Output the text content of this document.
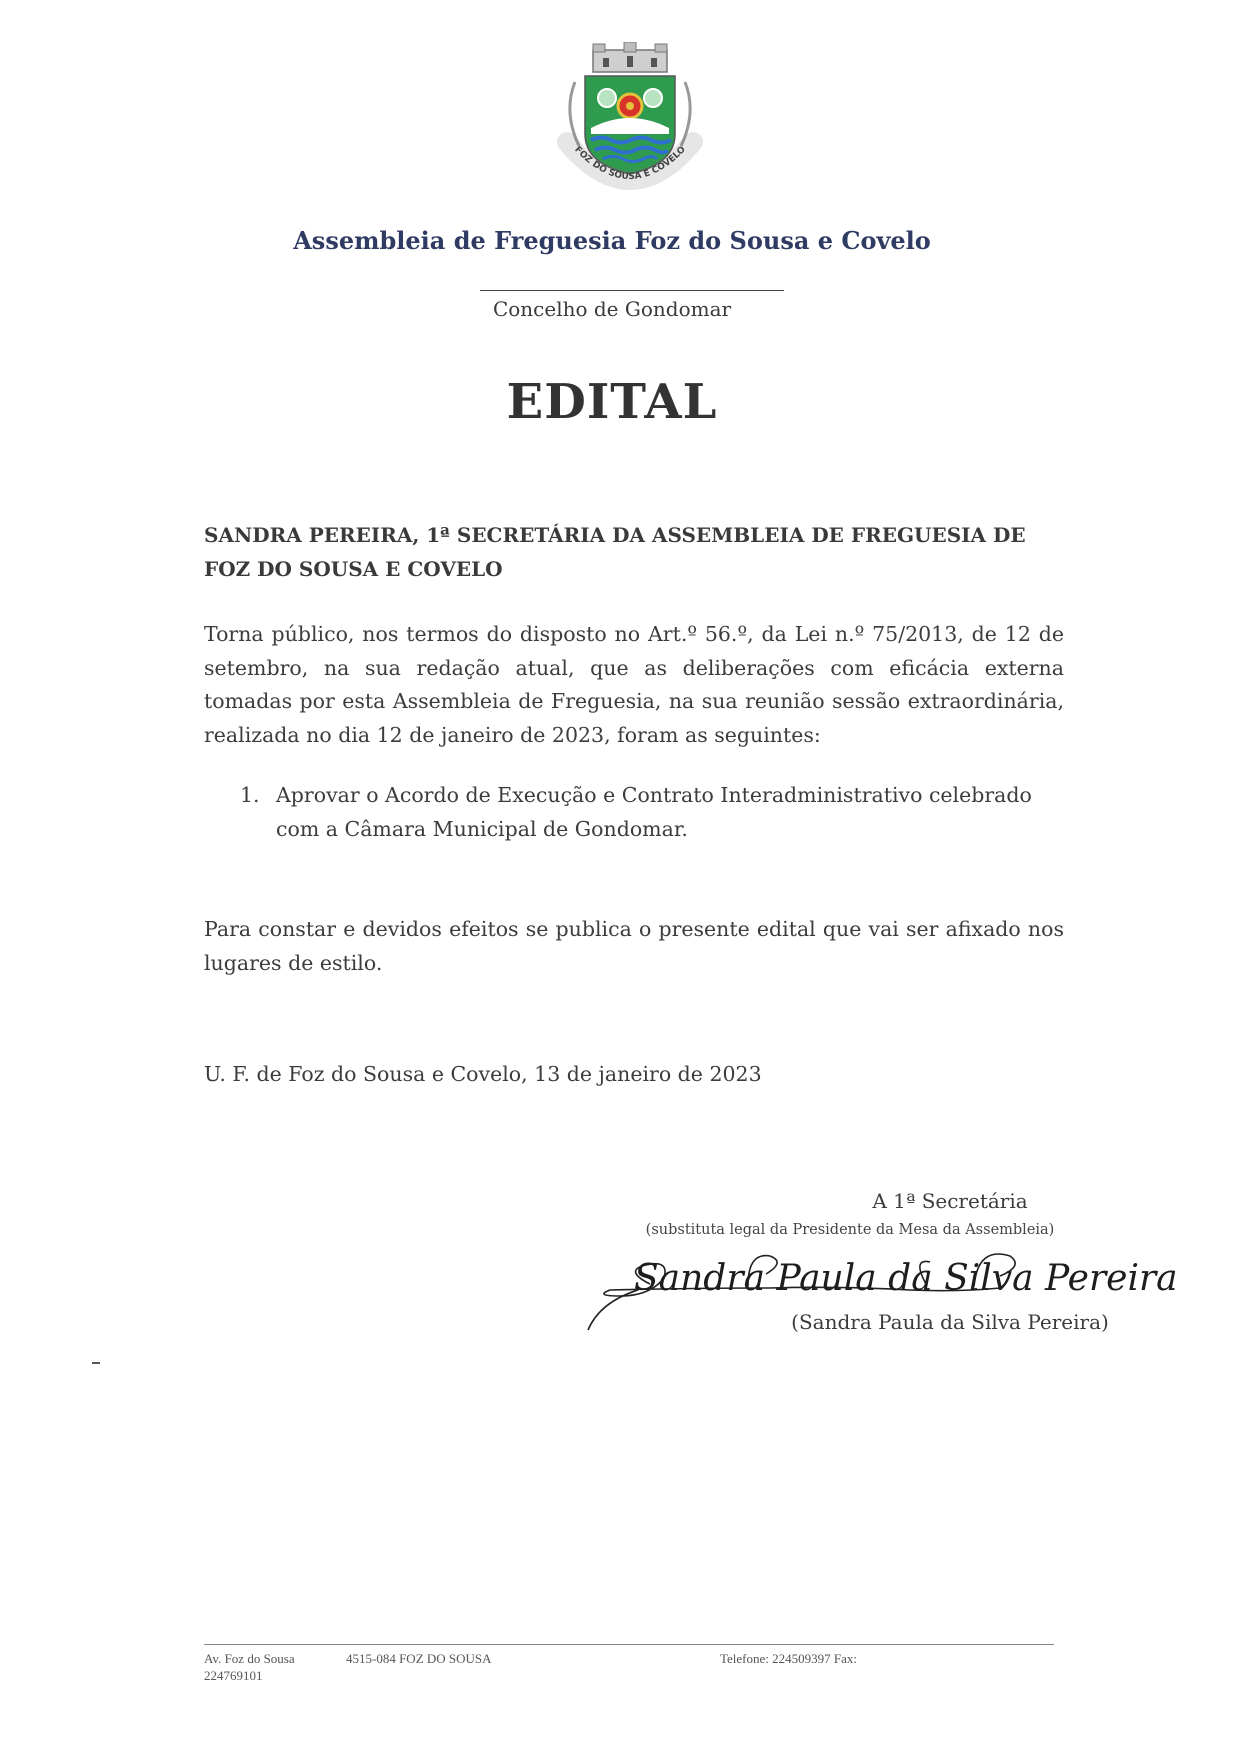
FOZ DO SOUSA E COVELO
Assembleia de Freguesia Foz do Sousa e Covelo
Concelho de Gondomar
EDITAL
SANDRA PEREIRA, 1ª SECRETÁRIA DA ASSEMBLEIA DE FREGUESIA DE FOZ DO SOUSA E COVELO
Torna público, nos termos do disposto no Art.º 56.º, da Lei n.º 75/2013, de 12 de setembro, na sua redação atual, que as deliberações com eficácia externa tomadas por esta Assembleia de Freguesia, na sua reunião sessão extraordinária, realizada no dia 12 de janeiro de 2023, foram as seguintes:
1. Aprovar o Acordo de Execução e Contrato Interadministrativo celebrado com a Câmara Municipal de Gondomar.
Para constar e devidos efeitos se publica o presente edital que vai ser afixado nos lugares de estilo.
U. F. de Foz do Sousa e Covelo, 13 de janeiro de 2023
A 1ª Secretária
(substituta legal da Presidente da Mesa da Assembleia)
Sandra Paula da Silva Pereira
(Sandra Paula da Silva Pereira)
Av. Foz do Sousa	4515-084 FOZ DO SOUSA	Telefone: 224509397 Fax:
224769101
